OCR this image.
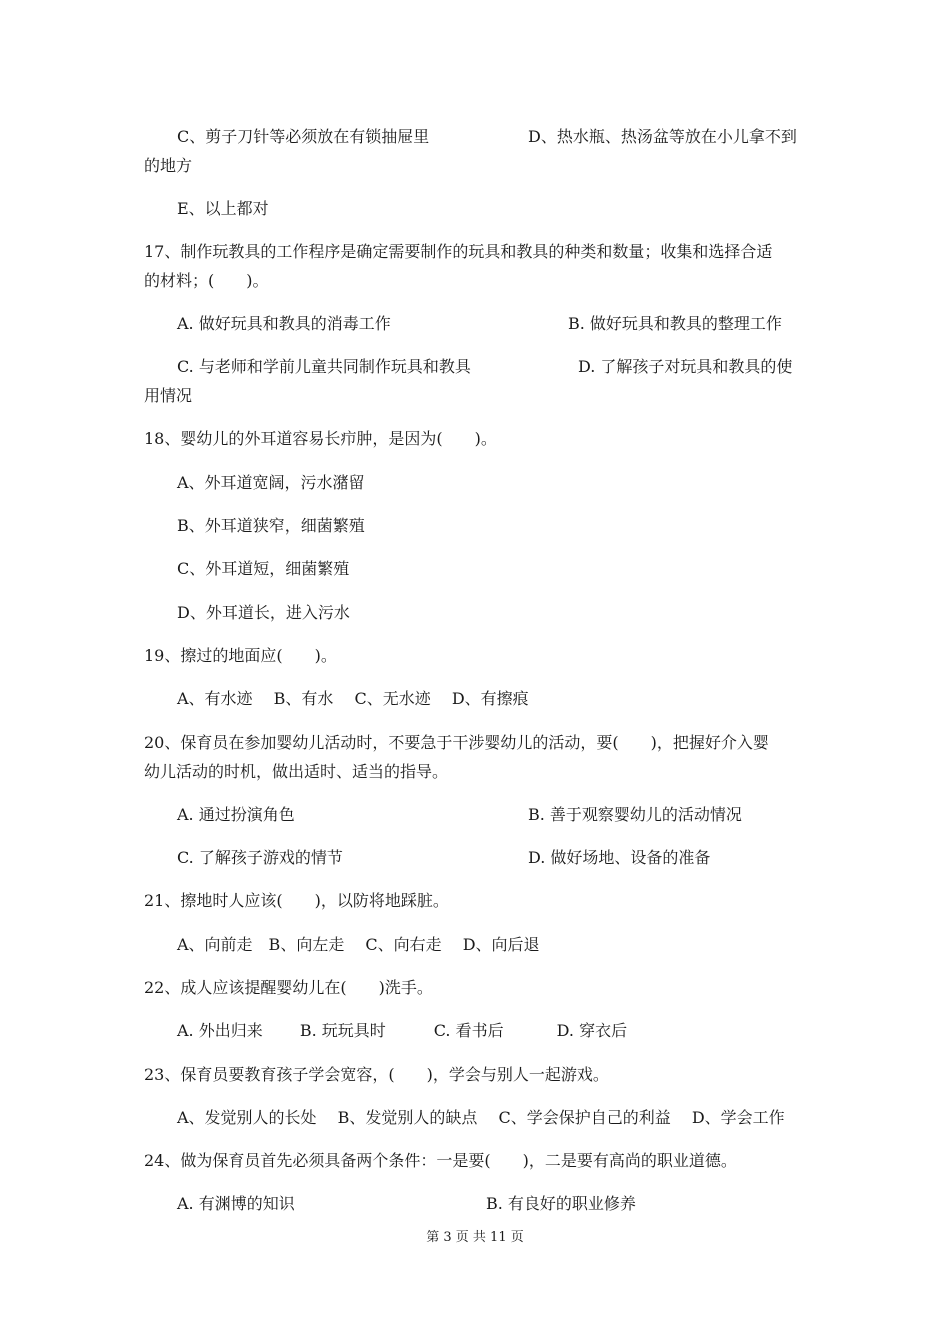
C、剪子刀针等必须放在有锁抽屉里	D、热水瓶、热汤盆等放在小儿拿不到
的地方
E、以上都对
17、制作玩教具的工作程序是确定需要制作的玩具和教具的种类和数量；收集和选择合适
的材料；(　　)。
A. 做好玩具和教具的消毒工作	B. 做好玩具和教具的整理工作
C. 与老师和学前儿童共同制作玩具和教具	D. 了解孩子对玩具和教具的使
用情况
18、婴幼儿的外耳道容易长疖肿，是因为(　　)。
A、外耳道宽阔，污水潴留
B、外耳道狭窄，细菌繁殖
C、外耳道短，细菌繁殖
D、外耳道长，进入污水
19、擦过的地面应(　　)。
A、有水迹　 B、有水　 C、无水迹　 D、有擦痕
20、保育员在参加婴幼儿活动时，不要急于干涉婴幼儿的活动，要(　　)，把握好介入婴
幼儿活动的时机，做出适时、适当的指导。
A. 通过扮演角色	B. 善于观察婴幼儿的活动情况
C. 了解孩子游戏的情节	D. 做好场地、设备的准备
21、擦地时人应该(　　)，以防将地踩脏。
A、向前走　B、向左走　 C、向右走　 D、向后退
22、成人应该提醒婴幼儿在(　　)洗手。
A. 外出归来　　 B. 玩玩具时　　　C. 看书后　　　 D. 穿衣后
23、保育员要教育孩子学会宽容，(　　)，学会与别人一起游戏。
A、发觉别人的长处　 B、发觉别人的缺点　 C、学会保护自己的利益　 D、学会工作
24、做为保育员首先必须具备两个条件：一是要(　　)，二是要有高尚的职业道德。
A. 有渊博的知识	B. 有良好的职业修养
第 3 页 共 11 页
